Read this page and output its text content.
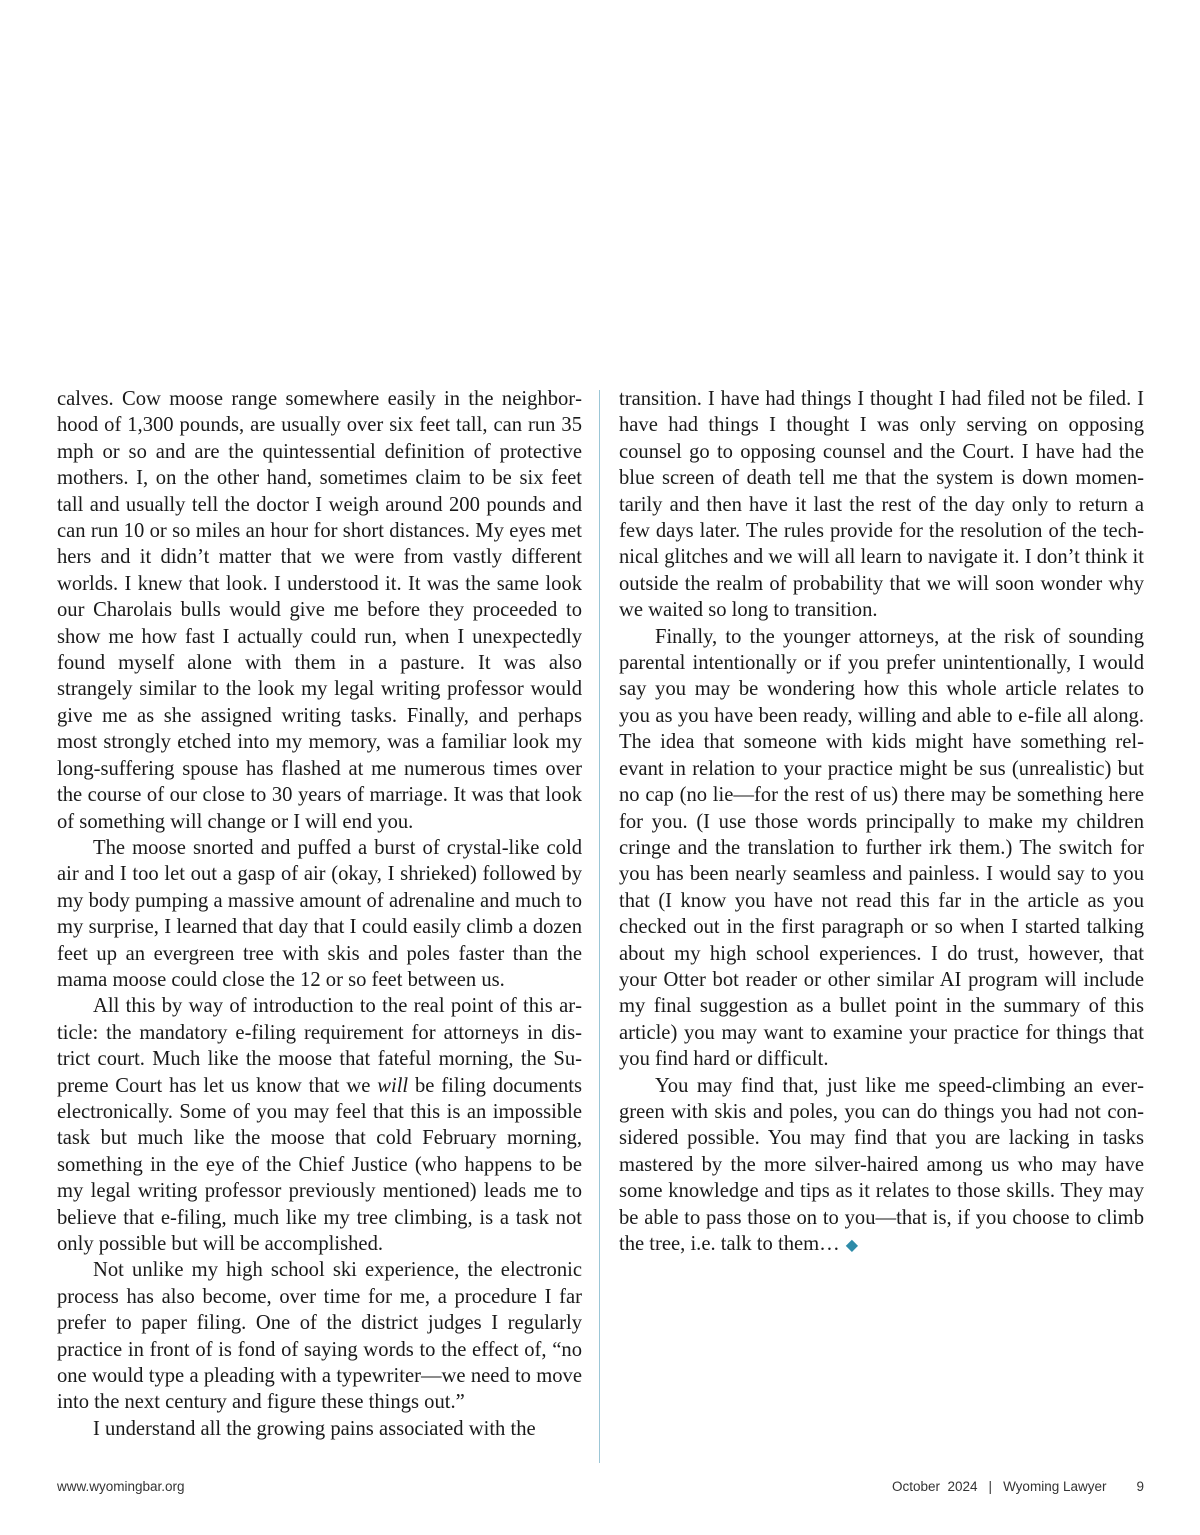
calves. Cow moose range somewhere easily in the neighborhood of 1,300 pounds, are usually over six feet tall, can run 35 mph or so and are the quintessential definition of protective mothers. I, on the other hand, sometimes claim to be six feet tall and usually tell the doctor I weigh around 200 pounds and can run 10 or so miles an hour for short distances. My eyes met hers and it didn’t matter that we were from vastly different worlds. I knew that look. I understood it. It was the same look our Charolais bulls would give me before they proceeded to show me how fast I actually could run, when I unexpectedly found myself alone with them in a pasture. It was also strangely similar to the look my legal writing professor would give me as she assigned writing tasks. Finally, and perhaps most strongly etched into my memory, was a familiar look my long-suffering spouse has flashed at me numerous times over the course of our close to 30 years of marriage. It was that look of something will change or I will end you.

The moose snorted and puffed a burst of crystal-like cold air and I too let out a gasp of air (okay, I shrieked) followed by my body pumping a massive amount of adrenaline and much to my surprise, I learned that day that I could easily climb a dozen feet up an evergreen tree with skis and poles faster than the mama moose could close the 12 or so feet between us.

All this by way of introduction to the real point of this article: the mandatory e-filing requirement for attorneys in district court. Much like the moose that fateful morning, the Supreme Court has let us know that we will be filing documents electronically. Some of you may feel that this is an impossible task but much like the moose that cold February morning, something in the eye of the Chief Justice (who happens to be my legal writing professor previously mentioned) leads me to believe that e-filing, much like my tree climbing, is a task not only possible but will be accomplished.

Not unlike my high school ski experience, the electronic process has also become, over time for me, a procedure I far prefer to paper filing. One of the district judges I regularly practice in front of is fond of saying words to the effect of, “no one would type a pleading with a typewriter—we need to move into the next century and figure these things out.”

I understand all the growing pains associated with the

transition. I have had things I thought I had filed not be filed. I have had things I thought I was only serving on opposing counsel go to opposing counsel and the Court. I have had the blue screen of death tell me that the system is down momentarily and then have it last the rest of the day only to return a few days later. The rules provide for the resolution of the technical glitches and we will all learn to navigate it. I don’t think it outside the realm of probability that we will soon wonder why we waited so long to transition.

Finally, to the younger attorneys, at the risk of sounding parental intentionally or if you prefer unintentionally, I would say you may be wondering how this whole article relates to you as you have been ready, willing and able to e-file all along. The idea that someone with kids might have something relevant in relation to your practice might be sus (unrealistic) but no cap (no lie—for the rest of us) there may be something here for you. (I use those words principally to make my children cringe and the translation to further irk them.) The switch for you has been nearly seamless and painless. I would say to you that (I know you have not read this far in the article as you checked out in the first paragraph or so when I started talking about my high school experiences. I do trust, however, that your Otter bot reader or other similar AI program will include my final suggestion as a bullet point in the summary of this article) you may want to examine your practice for things that you find hard or difficult.

You may find that, just like me speed-climbing an evergreen with skis and poles, you can do things you had not considered possible. You may find that you are lacking in tasks mastered by the more silver-haired among us who may have some knowledge and tips as it relates to those skills. They may be able to pass those on to you—that is, if you choose to climb the tree, i.e. talk to them… ◆

www.wyomingbar.org	October  2024 | Wyoming Lawyer 9
